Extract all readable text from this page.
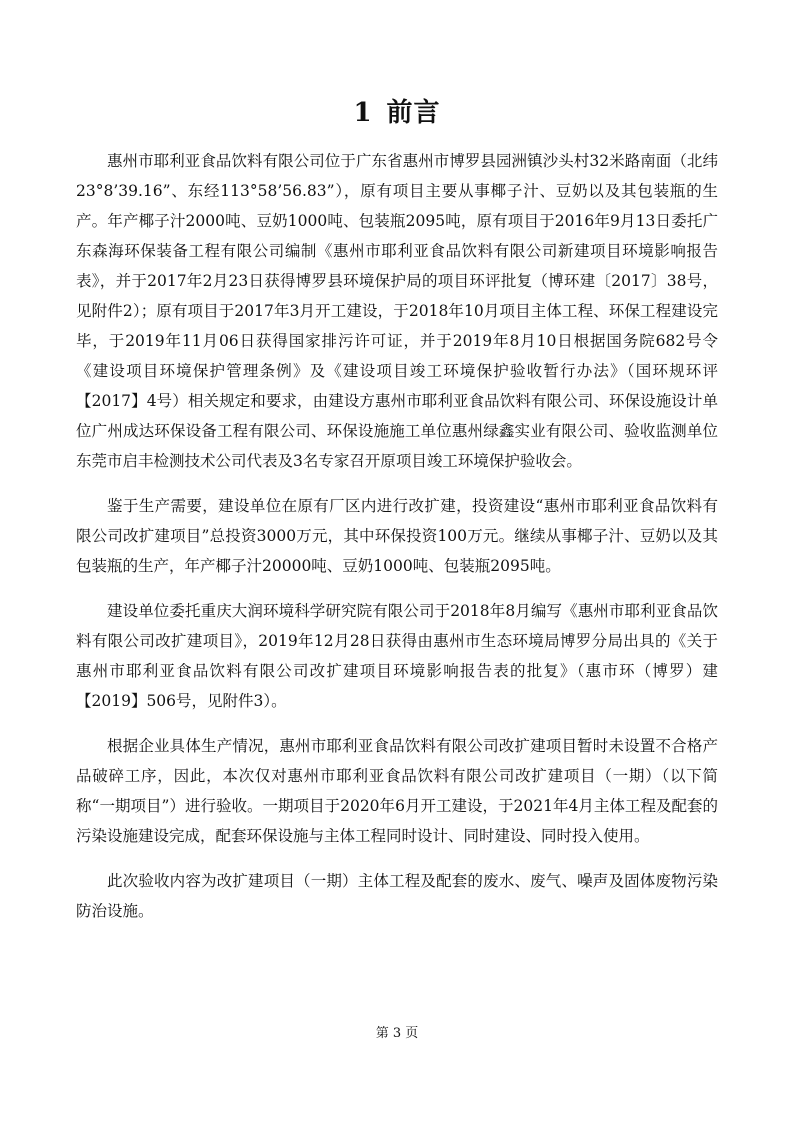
1 前言

惠州市耶利亚食品饮料有限公司位于广东省惠州市博罗县园洲镇沙头村32米路南面（北纬23°8’39.16”、东经113°58’56.83”），原有项目主要从事椰子汁、豆奶以及其包装瓶的生产。年产椰子汁2000吨、豆奶1000吨、包装瓶2095吨，原有项目于2016年9月13日委托广东森海环保装备工程有限公司编制《惠州市耶利亚食品饮料有限公司新建项目环境影响报告表》，并于2017年2月23日获得博罗县环境保护局的项目环评批复（博环建〔2017〕38号，见附件2）；原有项目于2017年3月开工建设，于2018年10月项目主体工程、环保工程建设完毕，于2019年11月06日获得国家排污许可证，并于2019年8月10日根据国务院682号令《建设项目环境保护管理条例》及《建设项目竣工环境保护验收暂行办法》（国环规环评【2017】4号）相关规定和要求，由建设方惠州市耶利亚食品饮料有限公司、环保设施设计单位广州成达环保设备工程有限公司、环保设施施工单位惠州绿鑫实业有限公司、验收监测单位东莞市启丰检测技术公司代表及3名专家召开原项目竣工环境保护验收会。

鉴于生产需要，建设单位在原有厂区内进行改扩建，投资建设“惠州市耶利亚食品饮料有限公司改扩建项目”总投资3000万元，其中环保投资100万元。继续从事椰子汁、豆奶以及其包装瓶的生产，年产椰子汁20000吨、豆奶1000吨、包装瓶2095吨。

建设单位委托重庆大润环境科学研究院有限公司于2018年8月编写《惠州市耶利亚食品饮料有限公司改扩建项目》，2019年12月28日获得由惠州市生态环境局博罗分局出具的《关于惠州市耶利亚食品饮料有限公司改扩建项目环境影响报告表的批复》（惠市环（博罗）建【2019】506号，见附件3）。

根据企业具体生产情况，惠州市耶利亚食品饮料有限公司改扩建项目暂时未设置不合格产品破碎工序，因此，本次仅对惠州市耶利亚食品饮料有限公司改扩建项目（一期）（以下简称“一期项目”）进行验收。一期项目于2020年6月开工建设，于2021年4月主体工程及配套的污染设施建设完成，配套环保设施与主体工程同时设计、同时建设、同时投入使用。

此次验收内容为改扩建项目（一期）主体工程及配套的废水、废气、噪声及固体废物污染防治设施。

第 3 页
